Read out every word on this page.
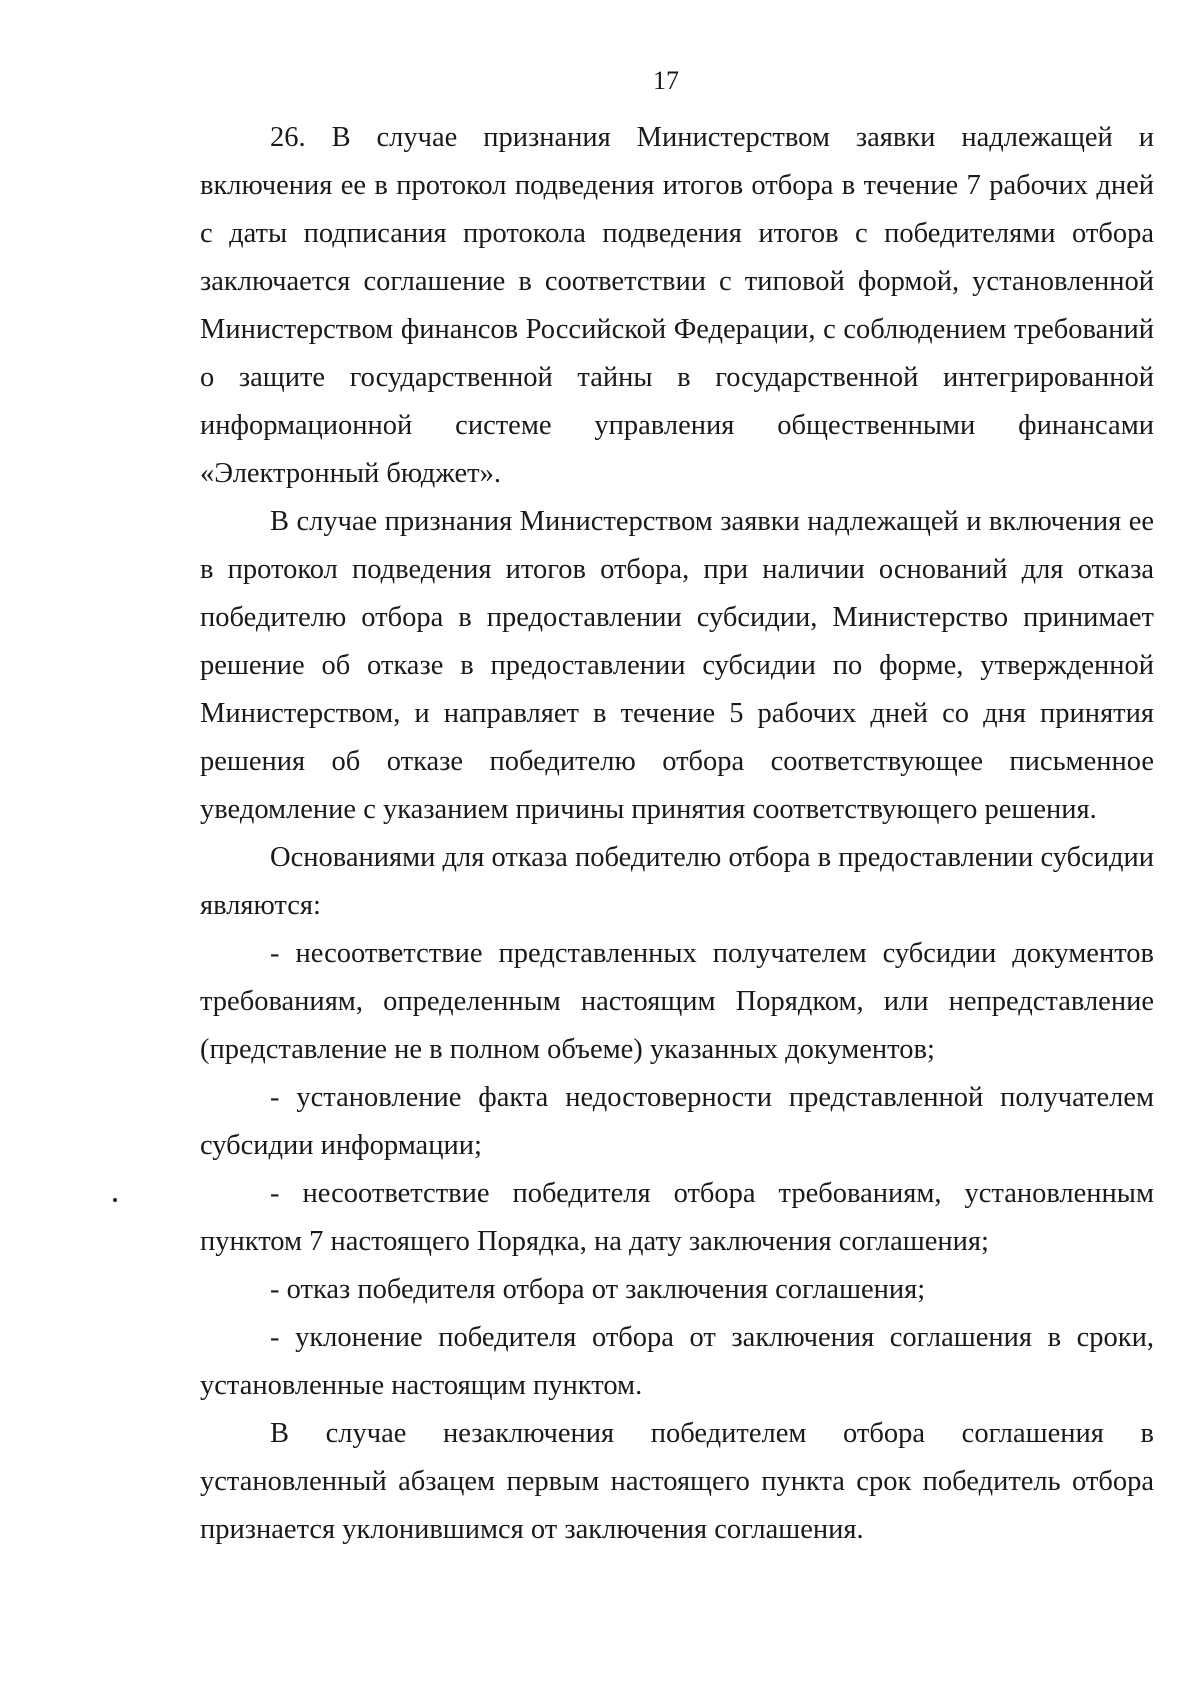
17

26. В случае признания Министерством заявки надлежащей и включения ее в протокол подведения итогов отбора в течение 7 рабочих дней с даты подписания протокола подведения итогов с победителями отбора заключается соглашение в соответствии с типовой формой, установленной Министерством финансов Российской Федерации, с соблюдением требований о защите государственной тайны в государственной интегрированной информационной системе управления общественными финансами «Электронный бюджет».

В случае признания Министерством заявки надлежащей и включения ее в протокол подведения итогов отбора, при наличии оснований для отказа победителю отбора в предоставлении субсидии, Министерство принимает решение об отказе в предоставлении субсидии по форме, утвержденной Министерством, и направляет в течение 5 рабочих дней со дня принятия решения об отказе победителю отбора соответствующее письменное уведомление с указанием причины принятия соответствующего решения.

Основаниями для отказа победителю отбора в предоставлении субсидии являются:

- несоответствие представленных получателем субсидии документов требованиям, определенным настоящим Порядком, или непредставление (представление не в полном объеме) указанных документов;

- установление факта недостоверности представленной получателем субсидии информации;

- несоответствие победителя отбора требованиям, установленным пунктом 7 настоящего Порядка, на дату заключения соглашения;

- отказ победителя отбора от заключения соглашения;

- уклонение победителя отбора от заключения соглашения в сроки, установленные настоящим пунктом.

В случае незаключения победителем отбора соглашения в установленный абзацем первым настоящего пункта срок победитель отбора признается уклонившимся от заключения соглашения.
